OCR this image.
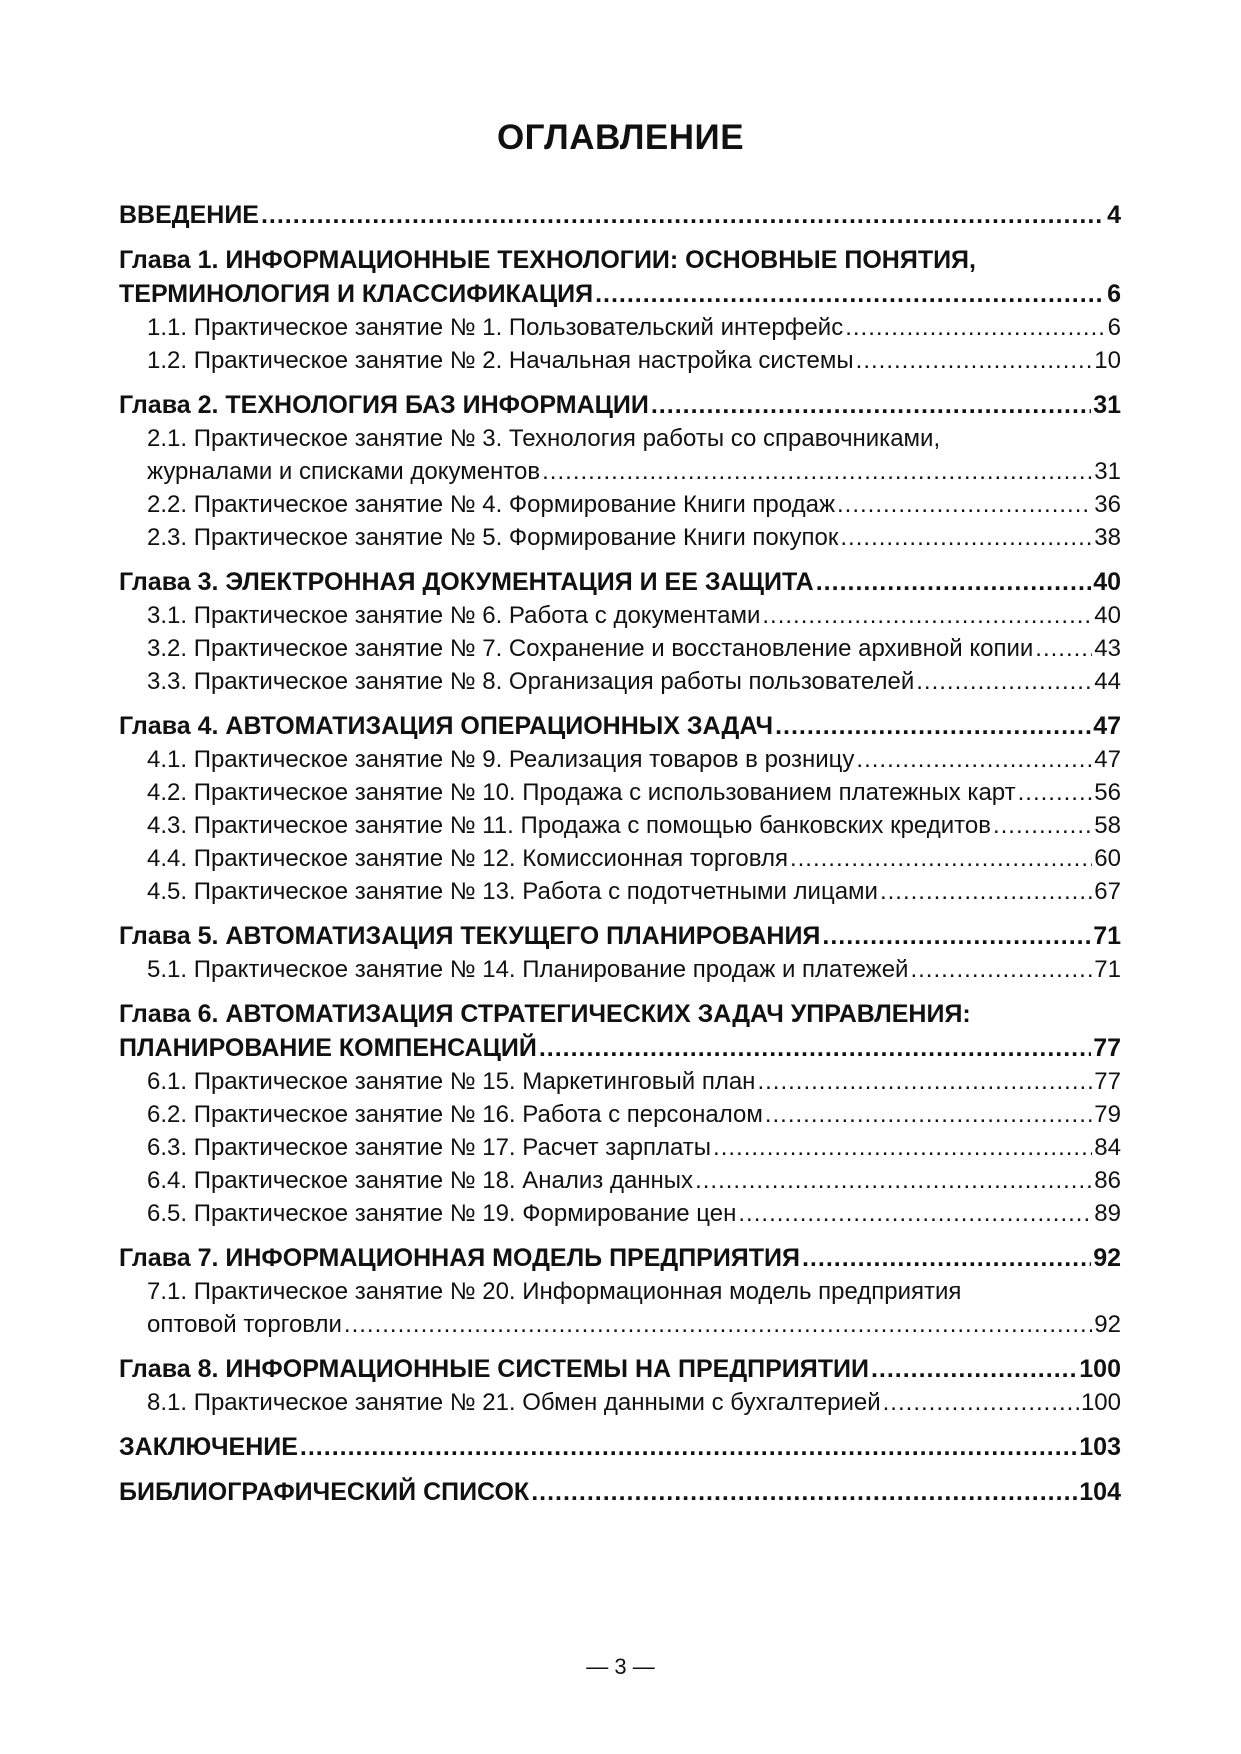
ОГЛАВЛЕНИЕ
ВВЕДЕНИЕ .....	4
Глава 1. ИНФОРМАЦИОННЫЕ ТЕХНОЛОГИИ: ОСНОВНЫЕ ПОНЯТИЯ,
ТЕРМИНОЛОГИЯ И КЛАССИФИКАЦИЯ .....	6
1.1. Практическое занятие № 1. Пользовательский интерфейс .....	6
1.2. Практическое занятие № 2. Начальная настройка системы .....	10
Глава 2. ТЕХНОЛОГИЯ БАЗ ИНФОРМАЦИИ .....	31
2.1. Практическое занятие № 3. Технология работы со справочниками,
журналами и списками документов .....	31
2.2. Практическое занятие № 4. Формирование Книги продаж .....	36
2.3. Практическое занятие № 5. Формирование Книги покупок .....	38
Глава 3. ЭЛЕКТРОННАЯ ДОКУМЕНТАЦИЯ И ЕЕ ЗАЩИТА .....	40
3.1. Практическое занятие № 6. Работа с документами .....	40
3.2. Практическое занятие № 7. Сохранение и восстановление архивной копии .....	43
3.3. Практическое занятие № 8. Организация работы пользователей .....	44
Глава 4. АВТОМАТИЗАЦИЯ ОПЕРАЦИОННЫХ ЗАДАЧ .....	47
4.1. Практическое занятие № 9. Реализация товаров в розницу .....	47
4.2. Практическое занятие № 10. Продажа с использованием платежных карт .....	56
4.3. Практическое занятие № 11. Продажа с помощью банковских кредитов .....	58
4.4. Практическое занятие № 12. Комиссионная торговля .....	60
4.5. Практическое занятие № 13. Работа с подотчетными лицами .....	67
Глава 5. АВТОМАТИЗАЦИЯ ТЕКУЩЕГО ПЛАНИРОВАНИЯ .....	71
5.1. Практическое занятие № 14. Планирование продаж и платежей .....	71
Глава 6. АВТОМАТИЗАЦИЯ СТРАТЕГИЧЕСКИХ ЗАДАЧ УПРАВЛЕНИЯ:
ПЛАНИРОВАНИЕ КОМПЕНСАЦИЙ .....	77
6.1. Практическое занятие № 15. Маркетинговый план .....	77
6.2. Практическое занятие № 16. Работа с персоналом .....	79
6.3. Практическое занятие № 17. Расчет зарплаты .....	84
6.4. Практическое занятие № 18. Анализ данных .....	86
6.5. Практическое занятие № 19. Формирование цен .....	89
Глава 7. ИНФОРМАЦИОННАЯ МОДЕЛЬ ПРЕДПРИЯТИЯ .....	92
7.1. Практическое занятие № 20. Информационная модель предприятия
оптовой торговли .....	92
Глава 8. ИНФОРМАЦИОННЫЕ СИСТЕМЫ НА ПРЕДПРИЯТИИ .....	100
8.1. Практическое занятие № 21. Обмен данными с бухгалтерией .....	100
ЗАКЛЮЧЕНИЕ .....	103
БИБЛИОГРАФИЧЕСКИЙ СПИСОК .....	104
— 3 —
